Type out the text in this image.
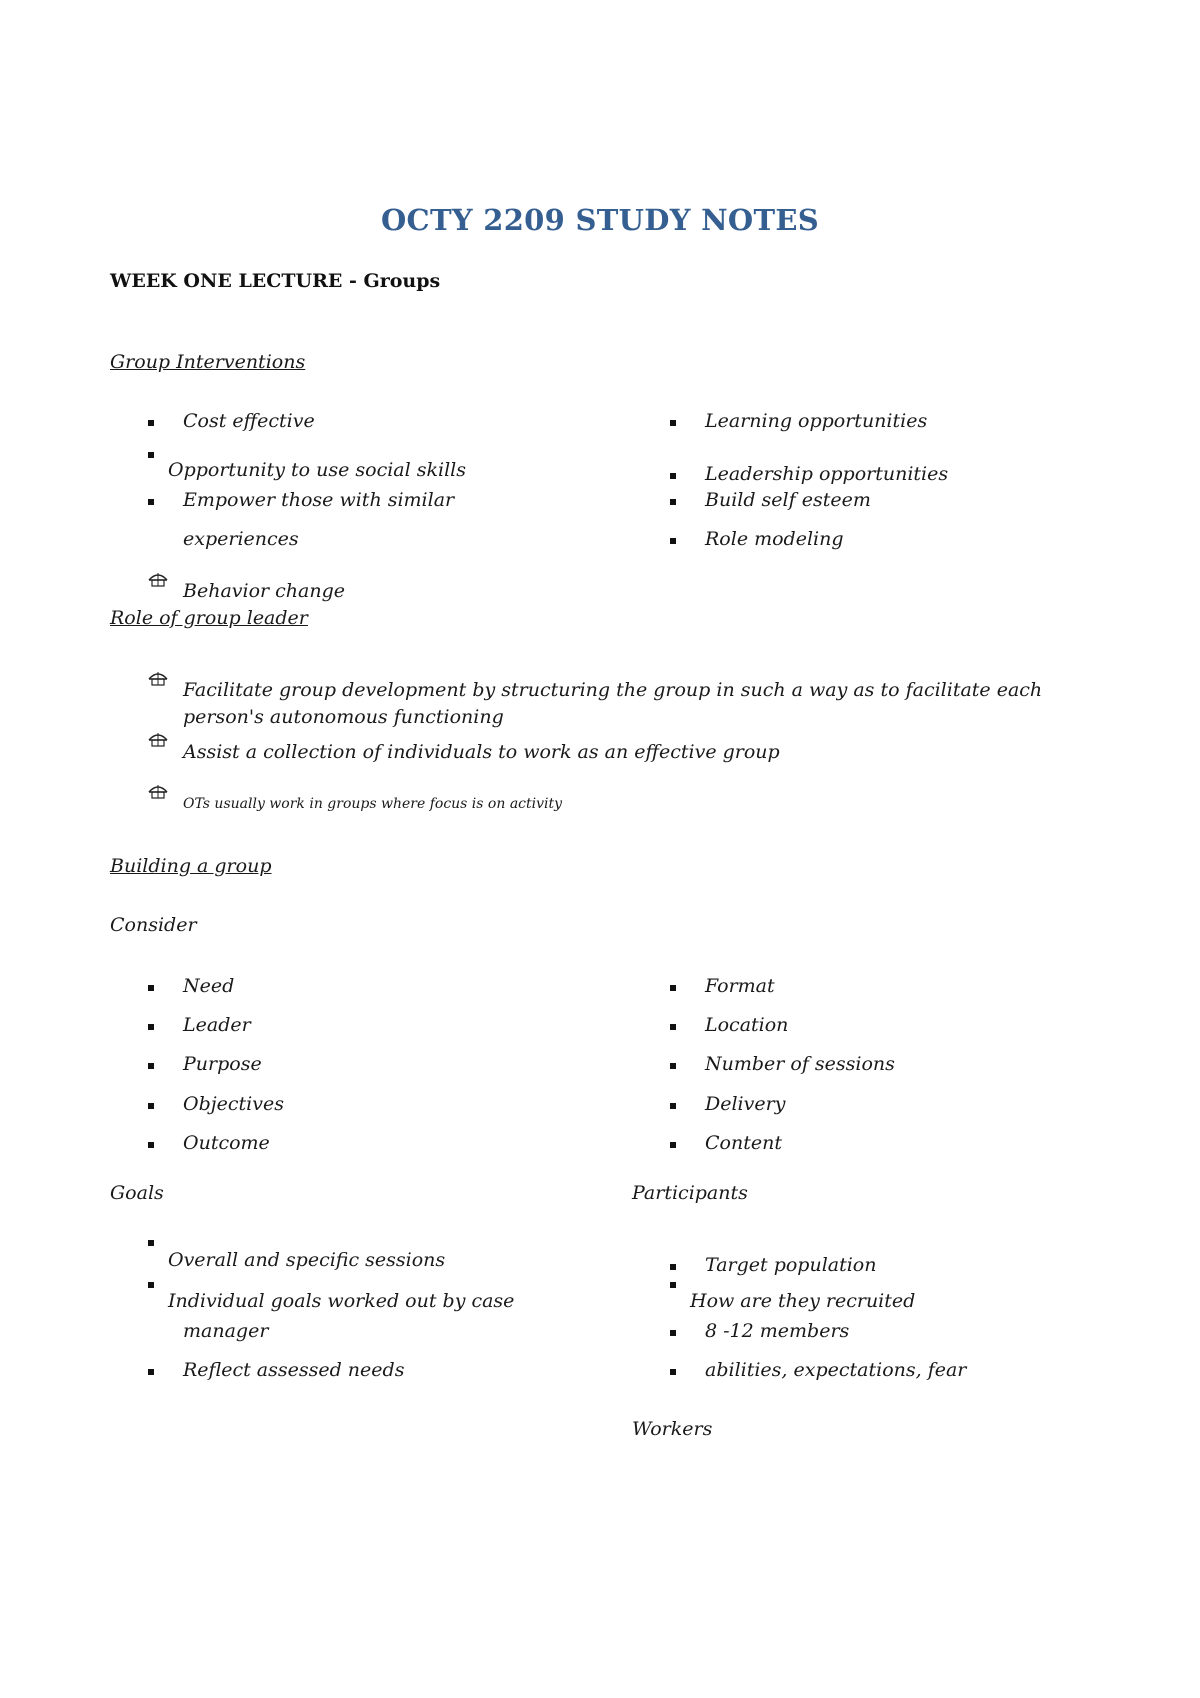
OCTY 2209 STUDY NOTES
WEEK ONE LECTURE - Groups
Group Interventions
Cost effective
Opportunity to use social skills
Empower those with similar
experiences
Behavior change
Learning opportunities
Leadership opportunities
Build self esteem
Role modeling
Role of group leader
Facilitate group development by structuring the group in such a way as to facilitate each
person's autonomous functioning
Assist a collection of individuals to work as an effective group
OTs usually work in groups where focus is on activity
Building a group
Consider
Need
Leader
Purpose
Objectives
Outcome
Format
Location
Number of sessions
Delivery
Content
Goals
Overall and specific sessions
Individual goals worked out by case
manager
Reflect assessed needs
Participants
Target population
How are they recruited
8 -12 members
abilities, expectations, fear
Workers
